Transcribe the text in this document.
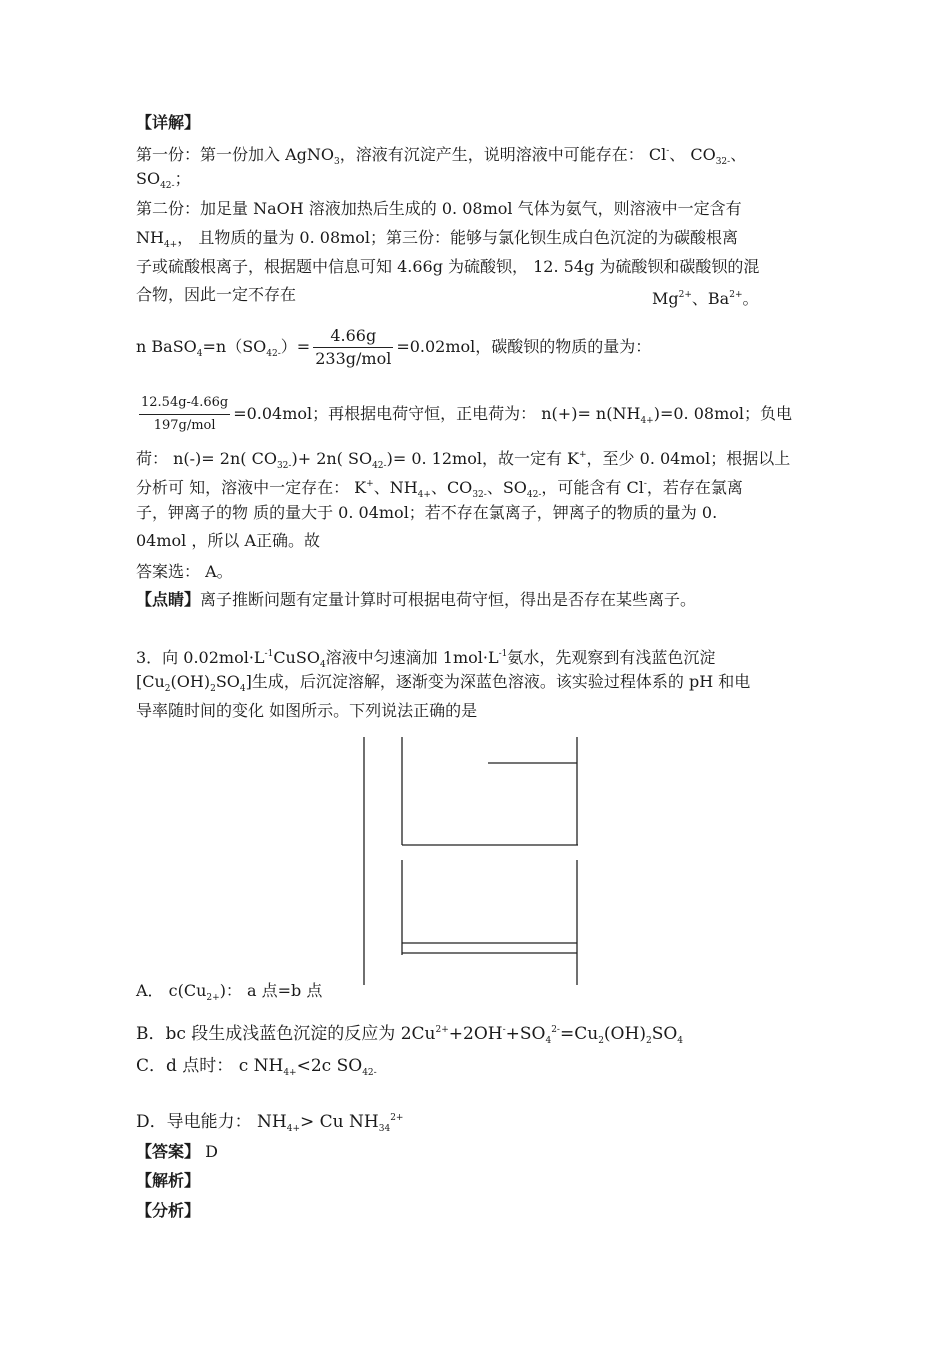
【详解】
第一份：第一份加入 AgNO$_3$，溶液有沉淀产生，说明溶液中可能存在： Cl-、 $CO_{32-}$、
$SO_{42-}$；
第二份：加足量 NaOH 溶液加热后生成的 0. 08mol 气体为氨气，则溶液中一定含有
$NH_{4+}$， 且物质的量为 0. 08mol；第三份：能够与氯化钡生成白色沉淀的为碳酸根离
子或硫酸根离子，根据题中信息可知 4.66g 为硫酸钡， 12. 54g 为硫酸钡和碳酸钡的混
合物，因此一定不存在	$Mg^{2+}$、$Ba^{2+}$。
n $BaSO_4=n(SO_{42-})= \frac{4.66g}{\text{233g/mol}} =0.02mol$，碳酸钡的物质的量为：
$\frac{12.54g-4.66g}{\text{197g/mol}} =0.04mol$；再根据电荷守恒，正电荷为： $n(+)= n(NH_{4+})=0$. 08mol；负电
荷： n(-)= 2n( $CO_{32-})+ 2n$( $SO_{42-})= 0$. 12mol，故一定有 K+，至少 0. 04mol；根据以上
分析可 知，溶液中一定存在： K+、$NH_{4+}$、$CO_{32-}$、$SO_{42-}$，可能含有 Cl-，若存在氯离
子，钾离子的物 质的量大于 0. 04mol；若不存在氯离子，钾离子的物质的量为 0.
04mol ，所以 A正确。故
答案选： A。
【点睛】离子推断问题有定量计算时可根据电荷守恒，得出是否存在某些离子。
3．向 $0.02mol\cdot L^{-1}CuSO_4$溶液中匀速滴加 $1mol\cdot L^{-1}$氨水，先观察到有浅蓝色沉淀
$[Cu_2(OH)_2SO_4]$生成，后沉淀溶解，逐渐变为深蓝色溶液。该实验过程体系的 pH 和电
导率随时间的变化 如图所示。下列说法正确的是
A． $c(Cu_{2+})$： a 点=b 点
B．bc 段生成浅蓝色沉淀的反应为 $2Cu^{2+}+2OH^-+SO_4^{2-}=Cu_2(OH)_2SO_4$
C．d 点时： c $NH_{4+}<2c$ $SO_{42-}$
D．导电能力： $NH_{4+}> Cu$ $NH_{34}^{2+}$
【答案】 D
【解析】
【分析】
